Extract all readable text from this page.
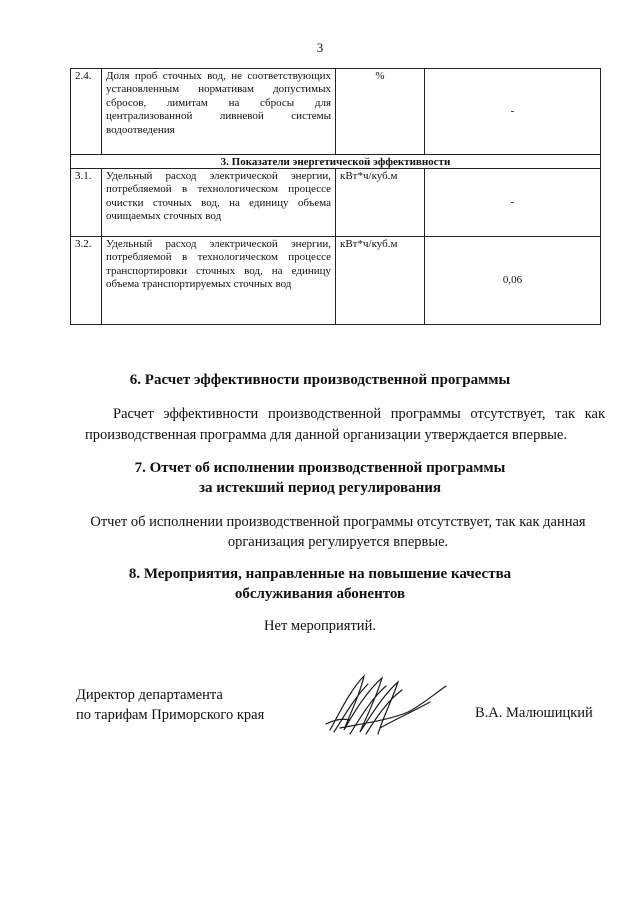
3
2.4.	Доля проб сточных вод, не соответствующих установленным нормативам допустимых сбросов, лимитам на сбросы для централизованной ливневой системы водоотведения	%	-
3. Показатели энергетической эффективности			
3.1.	Удельный расход электрической энергии, потребляемой в технологическом процессе очистки сточных вод, на единицу объема очищаемых сточных вод	кВт*ч/куб.м	-
3.2.	Удельный расход электрической энергии, потребляемой в технологическом процессе транспортировки сточных вод, на единицу объема транспортируемых сточных вод	кВт*ч/куб.м	0,06
6. Расчет эффективности производственной программы
Расчет эффективности производственной программы отсутствует, так как производственная программа для данной организации утверждается впервые.
7. Отчет об исполнении производственной программы
за истекший период регулирования
Отчет об исполнении производственной программы отсутствует, так как данная организация регулируется впервые.
8. Мероприятия, направленные на повышение качества
обслуживания абонентов
Нет мероприятий.
Директор департамента
по тарифам Приморского края	В.А. Малюшицкий
